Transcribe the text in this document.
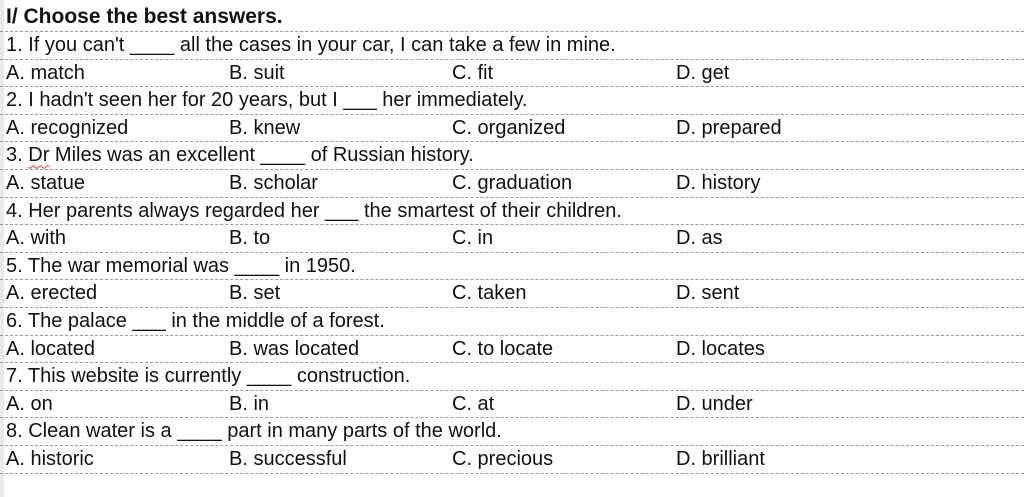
I/ Choose the best answers.
1. If you can't ____ all the cases in your car, I can take a few in mine.
A. match	B. suit	C. fit	D. get
2. I hadn't seen her for 20 years, but I ___ her immediately.
A. recognized	B. knew	C. organized	D. prepared
3. Dr Miles was an excellent ____ of Russian history.
A. statue	B. scholar	C. graduation	D. history
4. Her parents always regarded her ___ the smartest of their children.
A. with	B. to	C. in	D. as
5. The war memorial was ____ in 1950.
A. erected	B. set	C. taken	D. sent
6. The palace ___ in the middle of a forest.
A. located	B. was located	C. to locate	D. locates
7. This website is currently ____ construction.
A. on	B. in	C. at	D. under
8. Clean water is a ____ part in many parts of the world.
A. historic	B. successful	C. precious	D. brilliant
